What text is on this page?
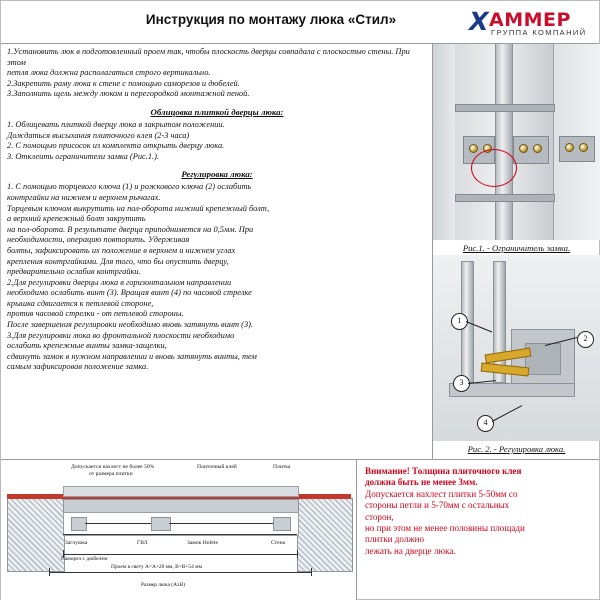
Инструкция по монтажу люка «Стил»	X
АММЕР
ГРУППА КОМПАНИЙ

1.Установить люк в подготовленный проем так, чтобы плоскость дверцы совпадала с плоскостью стены. При этом

петля люка должна располагаться строго вертикально.

2.Закрепить раму люка к стене с помощью саморезов и дюбелей.

3.Заполнить щель между люком и перегородкой монтажной пеной.

Облицовка плиткой дверцы люка:

1. Облицевать плиткой дверцу люка в закрытом положении.

Дождаться высыхания плиточного клея (2-3 часа)

2. С помощью присосок из комплекта открыть дверцу люка.

3. Отклеить ограничители замка (Рис.1.).

Регулировка люка:

1. С помощью торцевого ключа (1) и рожкового ключа (2) ослабить

контргайки на нижнем и верхнем рычагах.

Торцевым ключом выкрутить на пол-оборота нижний крепежный болт,

а верхний крепежный болт закрутить

на пол-оборота. В результате дверца приподнимется на 0,5мм. При

необходимости, операцию повторить. Удерживая

болты, зафиксировать их положение в верхнем и нижнем углах

крепления контргайками. Для того, что бы опустить дверцу,

предварительно ослабив контргайки.

2.Для регулировки дверцы люка в горизонтальном направлении

необходимо ослабить винт (3). Вращая винт (4) по часовой стрелке

крышка сдвигается к петлевой стороне,

против часовой стрелки - от петлевой стороны.

После завершения регулировки необходимо вновь затянуть винт (3).

3.Для регулировки люка во фронтальной плоскости необходимо

ослабить крепежные винты замка-защелки,

сдвинуть замок в нужном направлении и вновь затянуть винты, тем

самым зафиксировав положение замка.

Рис.1. - Ограничитель замка.
1
2
3
4
Рис. 2. - Регулировка люка.
Допускается нахлест не более 50%
от размера плитки
Плиточный клей	Плитка
Заглушка	ГВЛ	Замок Hofele
Саморез с дюбелем
Стена
Проем в свету A=A+20 мм, B=B+54 мм
Размер люка (AxB)

Внимание! Толщина плиточного клея

должна быть не менее 3мм.

Допускается нахлест плитки 5-50мм со

стороны петли и 5-70мм с остальных

сторон,

но при этом не менее половины площади

плитки должно

лежать на дверце люка.
